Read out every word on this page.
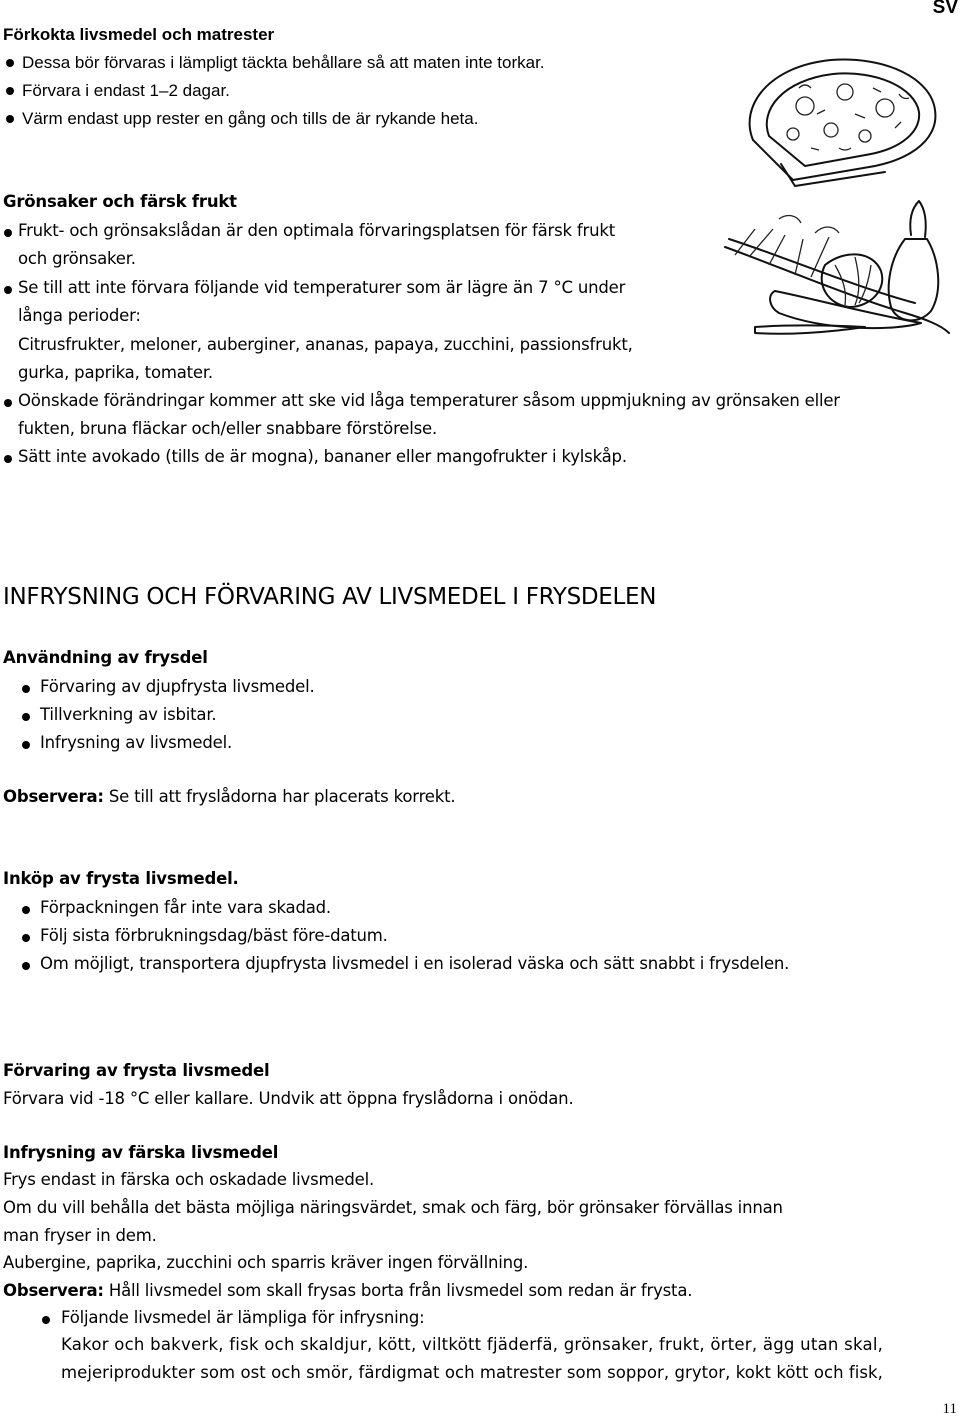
SV
Förkokta livsmedel och matrester
Dessa bör förvaras i lämpligt täckta behållare så att maten inte torkar.
Förvara i endast 1–2 dagar.
Värm endast upp rester en gång och tills de är rykande heta.
Grönsaker och färsk frukt
Frukt- och grönsakslådan är den optimala förvaringsplatsen för färsk frukt
och grönsaker.
Se till att inte förvara följande vid temperaturer som är lägre än 7 °C under
långa perioder:
Citrusfrukter, meloner, auberginer, ananas, papaya, zucchini, passionsfrukt,
gurka, paprika, tomater.
Oönskade förändringar kommer att ske vid låga temperaturer såsom uppmjukning av grönsaken eller
fukten, bruna fläckar och/eller snabbare förstörelse.
Sätt inte avokado (tills de är mogna), bananer eller mangofrukter i kylskåp.
INFRYSNING OCH FÖRVARING AV LIVSMEDEL I FRYSDELEN
Användning av frysdel
Förvaring av djupfrysta livsmedel.
Tillverkning av isbitar.
Infrysning av livsmedel.
Observera: Se till att fryslådorna har placerats korrekt.
Inköp av frysta livsmedel.
Förpackningen får inte vara skadad.
Följ sista förbrukningsdag/bäst före-datum.
Om möjligt, transportera djupfrysta livsmedel i en isolerad väska och sätt snabbt i frysdelen.
Förvaring av frysta livsmedel
Förvara vid -18 °C eller kallare. Undvik att öppna fryslådorna i onödan.
Infrysning av färska livsmedel
Frys endast in färska och oskadade livsmedel.
Om du vill behålla det bästa möjliga näringsvärdet, smak och färg, bör grönsaker förvällas innan
man fryser in dem.
Aubergine, paprika, zucchini och sparris kräver ingen förvällning.
Observera: Håll livsmedel som skall frysas borta från livsmedel som redan är frysta.
Följande livsmedel är lämpliga för infrysning:
Kakor och bakverk, fisk och skaldjur, kött, viltkött fjäderfä, grönsaker, frukt, örter, ägg utan skal,
mejeriprodukter som ost och smör, färdigmat och matrester som soppor, grytor, kokt kött och fisk,
11
